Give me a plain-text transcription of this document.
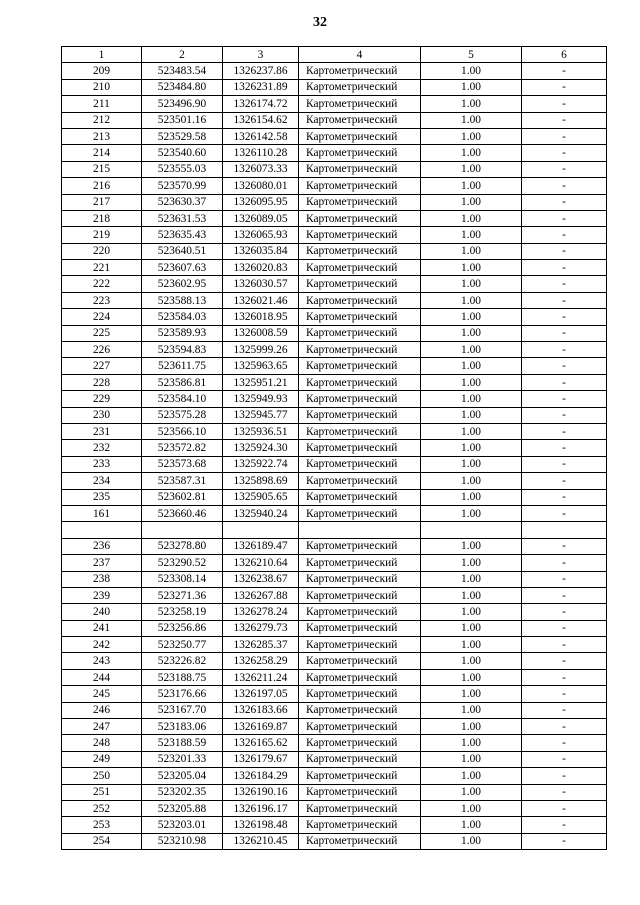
32
1	2	3	4	5	6
209	523483.54	1326237.86	Картометрический	1.00	-
210	523484.80	1326231.89	Картометрический	1.00	-
211	523496.90	1326174.72	Картометрический	1.00	-
212	523501.16	1326154.62	Картометрический	1.00	-
213	523529.58	1326142.58	Картометрический	1.00	-
214	523540.60	1326110.28	Картометрический	1.00	-
215	523555.03	1326073.33	Картометрический	1.00	-
216	523570.99	1326080.01	Картометрический	1.00	-
217	523630.37	1326095.95	Картометрический	1.00	-
218	523631.53	1326089.05	Картометрический	1.00	-
219	523635.43	1326065.93	Картометрический	1.00	-
220	523640.51	1326035.84	Картометрический	1.00	-
221	523607.63	1326020.83	Картометрический	1.00	-
222	523602.95	1326030.57	Картометрический	1.00	-
223	523588.13	1326021.46	Картометрический	1.00	-
224	523584.03	1326018.95	Картометрический	1.00	-
225	523589.93	1326008.59	Картометрический	1.00	-
226	523594.83	1325999.26	Картометрический	1.00	-
227	523611.75	1325963.65	Картометрический	1.00	-
228	523586.81	1325951.21	Картометрический	1.00	-
229	523584.10	1325949.93	Картометрический	1.00	-
230	523575.28	1325945.77	Картометрический	1.00	-
231	523566.10	1325936.51	Картометрический	1.00	-
232	523572.82	1325924.30	Картометрический	1.00	-
233	523573.68	1325922.74	Картометрический	1.00	-
234	523587.31	1325898.69	Картометрический	1.00	-
235	523602.81	1325905.65	Картометрический	1.00	-
161	523660.46	1325940.24	Картометрический	1.00	-

236	523278.80	1326189.47	Картометрический	1.00	-
237	523290.52	1326210.64	Картометрический	1.00	-
238	523308.14	1326238.67	Картометрический	1.00	-
239	523271.36	1326267.88	Картометрический	1.00	-
240	523258.19	1326278.24	Картометрический	1.00	-
241	523256.86	1326279.73	Картометрический	1.00	-
242	523250.77	1326285.37	Картометрический	1.00	-
243	523226.82	1326258.29	Картометрический	1.00	-
244	523188.75	1326211.24	Картометрический	1.00	-
245	523176.66	1326197.05	Картометрический	1.00	-
246	523167.70	1326183.66	Картометрический	1.00	-
247	523183.06	1326169.87	Картометрический	1.00	-
248	523188.59	1326165.62	Картометрический	1.00	-
249	523201.33	1326179.67	Картометрический	1.00	-
250	523205.04	1326184.29	Картометрический	1.00	-
251	523202.35	1326190.16	Картометрический	1.00	-
252	523205.88	1326196.17	Картометрический	1.00	-
253	523203.01	1326198.48	Картометрический	1.00	-
254	523210.98	1326210.45	Картометрический	1.00	-
